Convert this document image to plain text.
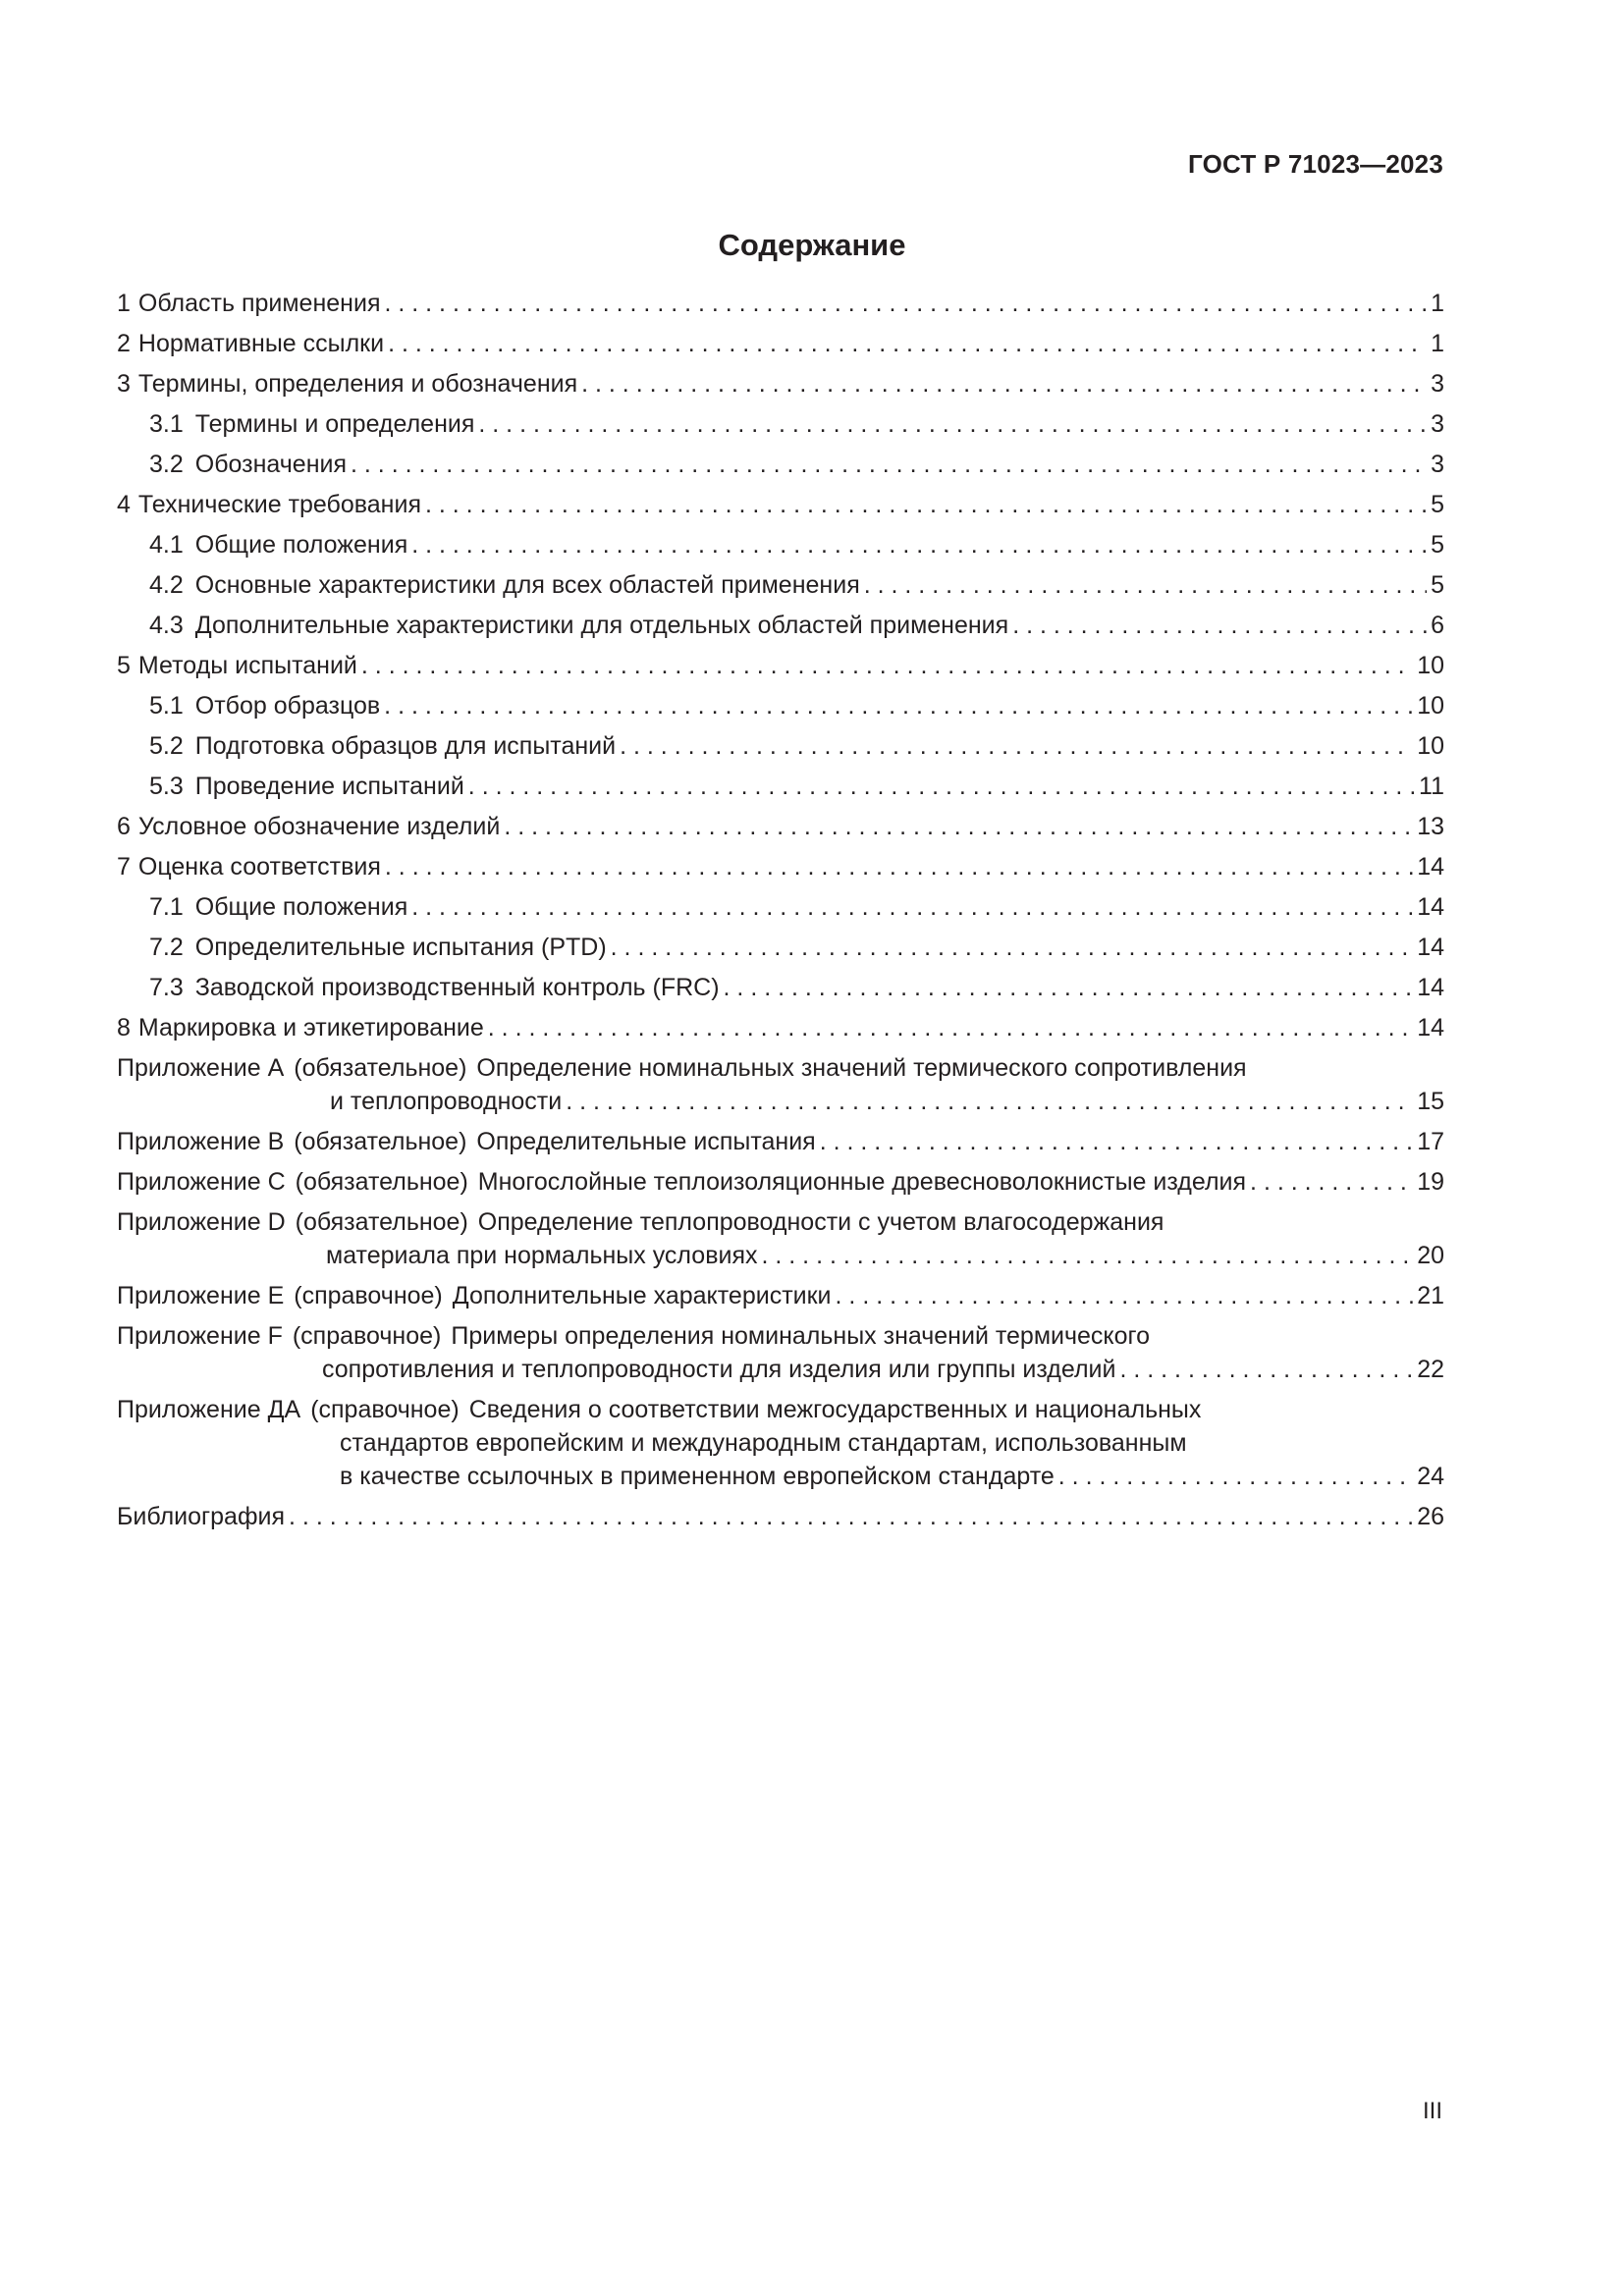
ГОСТ Р 71023—2023
Содержание
1 Область применения . . .	1
2 Нормативные ссылки . . .	1
3 Термины, определения и обозначения . . .	3
3.1 Термины и определения . . .	3
3.2 Обозначения . . .	3
4 Технические требования . . .	5
4.1 Общие положения . . .	5
4.2 Основные характеристики для всех областей применения . . .	5
4.3 Дополнительные характеристики для отдельных областей применения . . .	6
5 Методы испытаний . . .	10
5.1 Отбор образцов . . .	10
5.2 Подготовка образцов для испытаний . . .	10
5.3 Проведение испытаний . . .	11
6 Условное обозначение изделий . . .	13
7 Оценка соответствия . . .	14
7.1 Общие положения . . .	14
7.2 Определительные испытания (PTD) . . .	14
7.3 Заводской производственный контроль (FRC) . . .	14
8 Маркировка и этикетирование . . .	14
Приложение А (обязательное) Определение номинальных значений термического сопротивления
и теплопроводности . . .	15
Приложение В (обязательное) Определительные испытания . . .	17
Приложение С (обязательное) Многослойные теплоизоляционные древесноволокнистые изделия . . .	19
Приложение D (обязательное) Определение теплопроводности с учетом влагосодержания
материала при нормальных условиях . . .	20
Приложение Е (справочное) Дополнительные характеристики . . .	21
Приложение F (справочное) Примеры определения номинальных значений термического
сопротивления и теплопроводности для изделия или группы изделий . . .	22
Приложение ДА (справочное) Сведения о соответствии межгосударственных и национальных
стандартов европейским и международным стандартам, использованным
в качестве ссылочных в примененном европейском стандарте . . .	24
Библиография . . .	26
III
